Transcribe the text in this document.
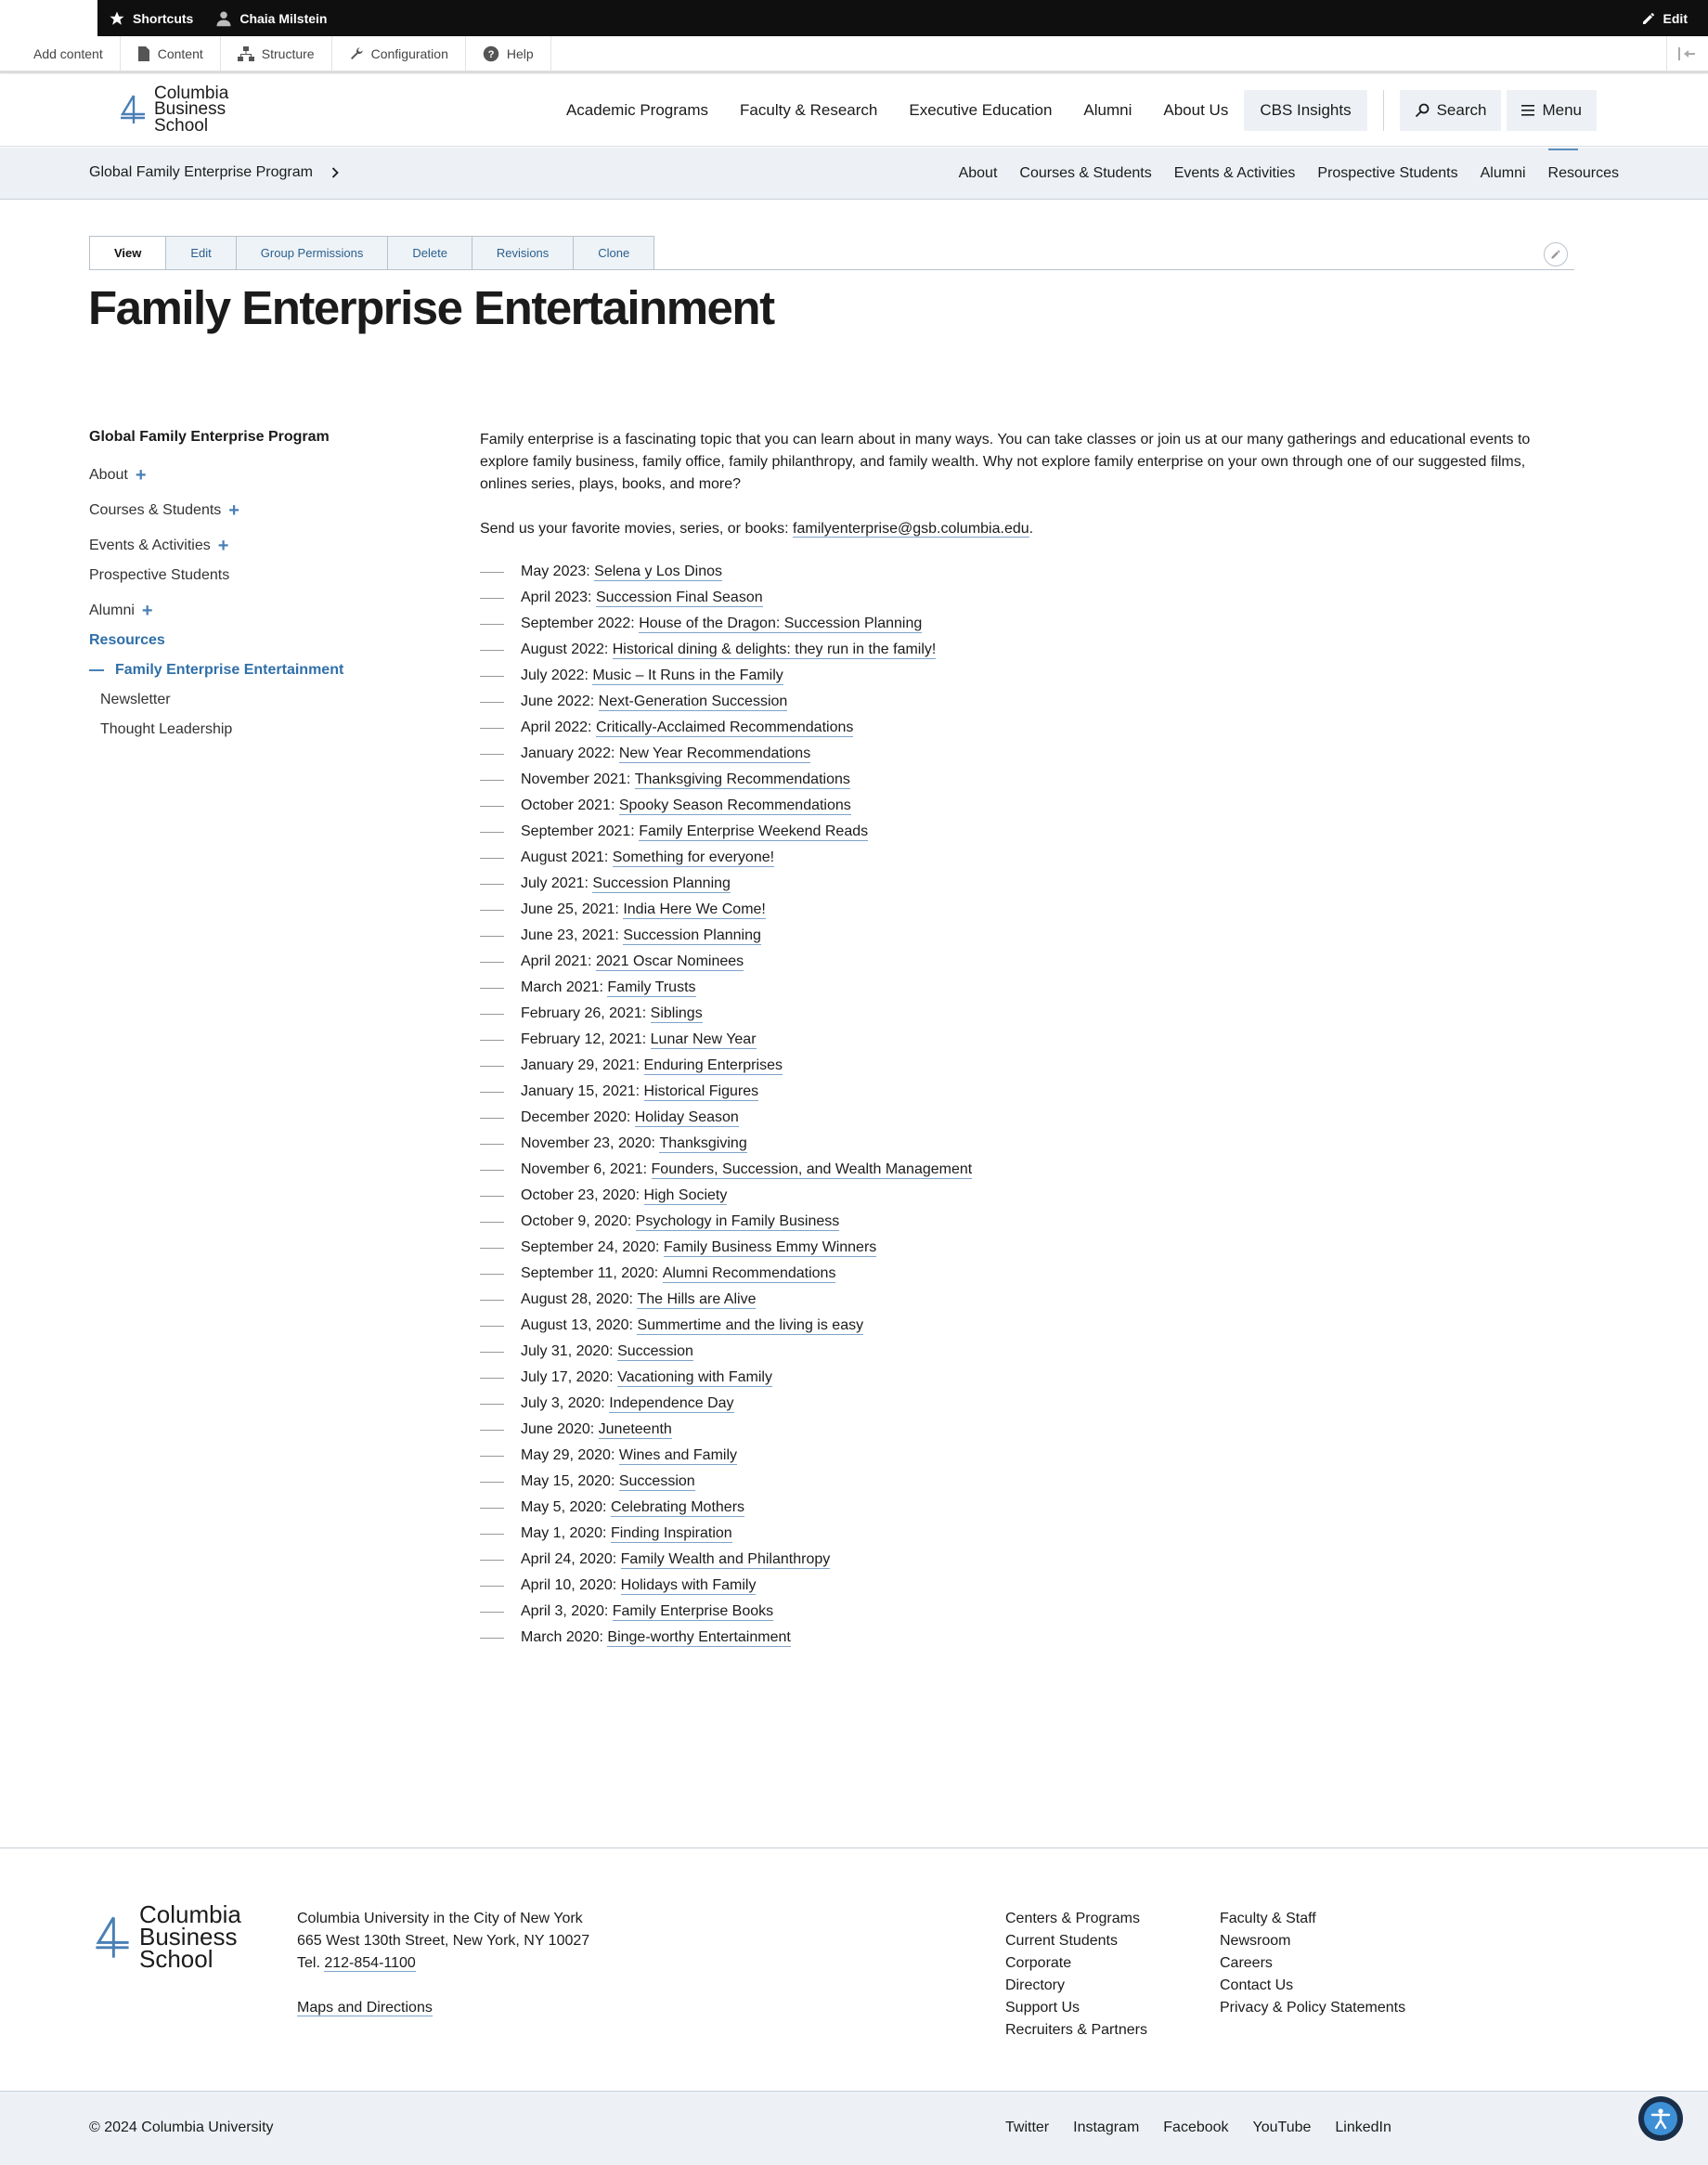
Shortcuts	Chaia Milstein	Edit
Add content	Content	Structure	Configuration	? Help
Columbia
Business
School
Academic Programs	Faculty & Research	Executive Education	Alumni	About Us	CBS Insights	Search	Menu
Global Family Enterprise Program	About Courses & Students Events & Activities Prospective Students Alumni Resources
View	Edit	Group Permissions	Delete	Revisions	Clone
Family Enterprise Entertainment
Global Family Enterprise Program
About +
Courses & Students +
Events & Activities +
Prospective Students
Alumni +
Resources
Family Enterprise Entertainment
Newsletter
Thought Leadership

Family enterprise is a fascinating topic that you can learn about in many ways. You can take classes or join us at our many gatherings and educational events to explore family business, family office, family philanthropy, and family wealth. Why not explore family enterprise on your own through one of our suggested films, onlines series, plays, books, and more?

Send us your favorite movies, series, or books: familyenterprise@gsb.columbia.edu.

May 2023:
Selena y Los Dinos
April 2023:
Succession Final Season
September 2022:
House of the Dragon: Succession Planning
August 2022:
Historical dining & delights: they run in the family!
July 2022:
Music – It Runs in the Family
June 2022:
Next-Generation Succession
April 2022:
Critically-Acclaimed Recommendations
January 2022:
New Year Recommendations
November 2021:
Thanksgiving Recommendations
October 2021:
Spooky Season Recommendations
September 2021:
Family Enterprise Weekend Reads
August 2021:
Something for everyone!
July 2021:
Succession Planning
June 25, 2021:
India Here We Come!
June 23, 2021:
Succession Planning
April 2021:
2021 Oscar Nominees
March 2021:
Family Trusts
February 26, 2021:
Siblings
February 12, 2021:
Lunar New Year
January 29, 2021:
Enduring Enterprises
January 15, 2021:
Historical Figures
December 2020:
Holiday Season
November 23, 2020:
Thanksgiving
November 6, 2021:
Founders, Succession, and Wealth Management
October 23, 2020:
High Society
October 9, 2020:
Psychology in Family Business
September 24, 2020:
Family Business Emmy Winners
September 11, 2020:
Alumni Recommendations
August 28, 2020:
The Hills are Alive
August 13, 2020:
Summertime and the living is easy
July 31, 2020:
Succession
July 17, 2020:
Vacationing with Family
July 3, 2020:
Independence Day
June 2020:
Juneteenth
May 29, 2020:
Wines and Family
May 15, 2020:
Succession
May 5, 2020:
Celebrating Mothers
May 1, 2020:
Finding Inspiration
April 24, 2020:
Family Wealth and Philanthropy
April 10, 2020:
Holidays with Family
April 3, 2020:
Family Enterprise Books
March 2020:
Binge-worthy Entertainment
Columbia
Business
School
Columbia University in the City of New York
665 West 130th Street, New York, NY 10027
Tel. 212-854-1100
Maps and Directions
Centers & Programs
Current Students
Corporate
Directory
Support Us
Recruiters & Partners
Faculty & Staff
Newsroom
Careers
Contact Us
Privacy & Policy Statements
© 2024 Columbia University	Twitter Instagram Facebook YouTube LinkedIn
